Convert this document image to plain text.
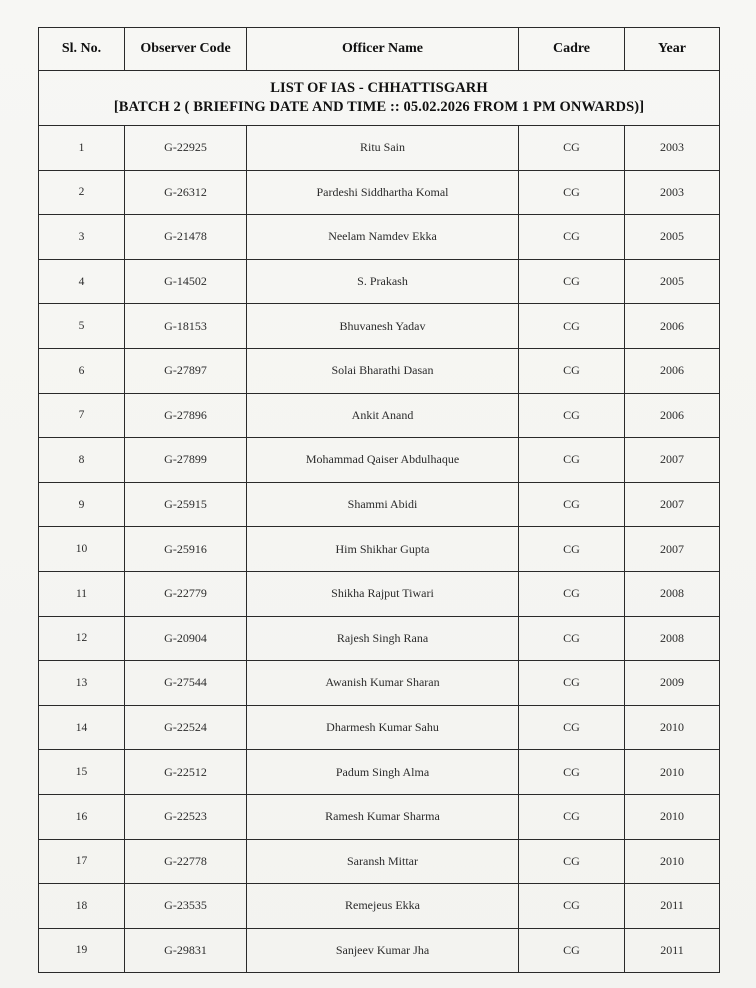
Sl. No.	Observer Code	Officer Name	Cadre	Year

LIST OF IAS - CHHATTISGARH
[BATCH 2 ( BRIEFING DATE AND TIME :: 05.02.2026 FROM 1 PM ONWARDS)]				

1	G-22925	Ritu Sain	CG	2003
2	G-26312	Pardeshi Siddhartha Komal	CG	2003
3	G-21478	Neelam Namdev Ekka	CG	2005
4	G-14502	S. Prakash	CG	2005
5	G-18153	Bhuvanesh Yadav	CG	2006
6	G-27897	Solai Bharathi Dasan	CG	2006
7	G-27896	Ankit Anand	CG	2006
8	G-27899	Mohammad Qaiser Abdulhaque	CG	2007
9	G-25915	Shammi Abidi	CG	2007
10	G-25916	Him Shikhar Gupta	CG	2007
11	G-22779	Shikha Rajput Tiwari	CG	2008
12	G-20904	Rajesh Singh Rana	CG	2008
13	G-27544	Awanish Kumar Sharan	CG	2009
14	G-22524	Dharmesh Kumar Sahu	CG	2010
15	G-22512	Padum Singh Alma	CG	2010
16	G-22523	Ramesh Kumar Sharma	CG	2010
17	G-22778	Saransh Mittar	CG	2010
18	G-23535	Remejeus Ekka	CG	2011
19	G-29831	Sanjeev Kumar Jha	CG	2011
